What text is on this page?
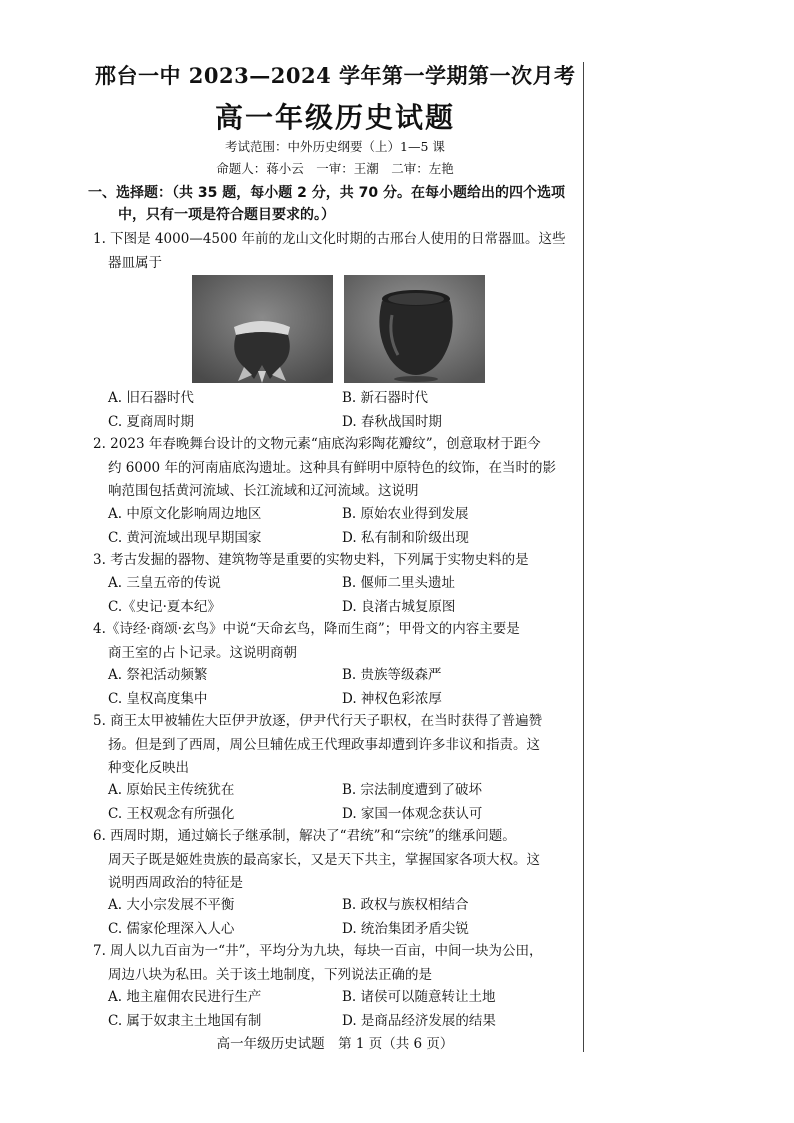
邢台一中 2023—2024 学年第一学期第一次月考
高一年级历史试题
考试范围：中外历史纲要（上）1—5 课
命题人：蒋小云　一审：王潮　二审：左艳
一、选择题：（共 35 题，每小题 2 分，共 70 分。在每小题给出的四个选项
中，只有一项是符合题目要求的。）
1. 下图是 4000—4500 年前的龙山文化时期的古邢台人使用的日常器皿。这些
器皿属于
A. 旧石器时代	B. 新石器时代
C. 夏商周时期	D. 春秋战国时期
2. 2023 年春晚舞台设计的文物元素“庙底沟彩陶花瓣纹”，创意取材于距今
约 6000 年的河南庙底沟遗址。这种具有鲜明中原特色的纹饰，在当时的影
响范围包括黄河流域、长江流域和辽河流域。这说明
A. 中原文化影响周边地区	B. 原始农业得到发展
C. 黄河流域出现早期国家	D. 私有制和阶级出现
3. 考古发掘的器物、建筑物等是重要的实物史料，下列属于实物史料的是
A. 三皇五帝的传说	B. 偃师二里头遗址
C.《史记·夏本纪》	D. 良渚古城复原图
4.《诗经·商颂·玄鸟》中说“天命玄鸟，降而生商”；甲骨文的内容主要是
商王室的占卜记录。这说明商朝
A. 祭祀活动频繁	B. 贵族等级森严
C. 皇权高度集中	D. 神权色彩浓厚
5. 商王太甲被辅佐大臣伊尹放逐，伊尹代行天子职权，在当时获得了普遍赞
扬。但是到了西周，周公旦辅佐成王代理政事却遭到许多非议和指责。这
种变化反映出
A. 原始民主传统犹在	B. 宗法制度遭到了破坏
C. 王权观念有所强化	D. 家国一体观念获认可
6. 西周时期，通过嫡长子继承制，解决了“君统”和“宗统”的继承问题。
周天子既是姬姓贵族的最高家长，又是天下共主，掌握国家各项大权。这
说明西周政治的特征是
A. 大小宗发展不平衡	B. 政权与族权相结合
C. 儒家伦理深入人心	D. 统治集团矛盾尖锐
7. 周人以九百亩为一“井”，平均分为九块，每块一百亩，中间一块为公田，
周边八块为私田。关于该土地制度，下列说法正确的是
A. 地主雇佣农民进行生产	B. 诸侯可以随意转让土地
C. 属于奴隶主土地国有制	D. 是商品经济发展的结果
高一年级历史试题　第 1 页（共 6 页）
